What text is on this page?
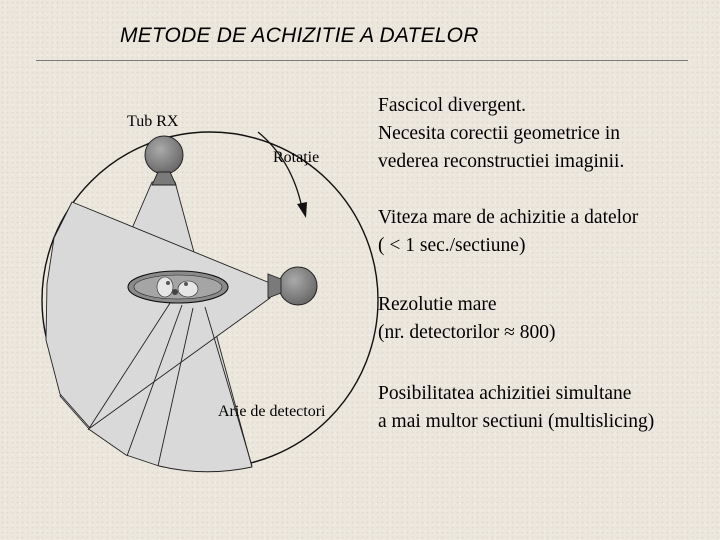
METODE DE ACHIZITIE A DATELOR
Tub RX
Rotaţie
Arie de detectori
Fascicol divergent.
Necesita corectii geometrice in
vederea reconstructiei imaginii.
Viteza mare de achizitie a datelor
( < 1 sec./sectiune)
Rezolutie mare
(nr. detectorilor ≈ 800)
Posibilitatea achizitiei simultane
a mai multor sectiuni (multislicing)
